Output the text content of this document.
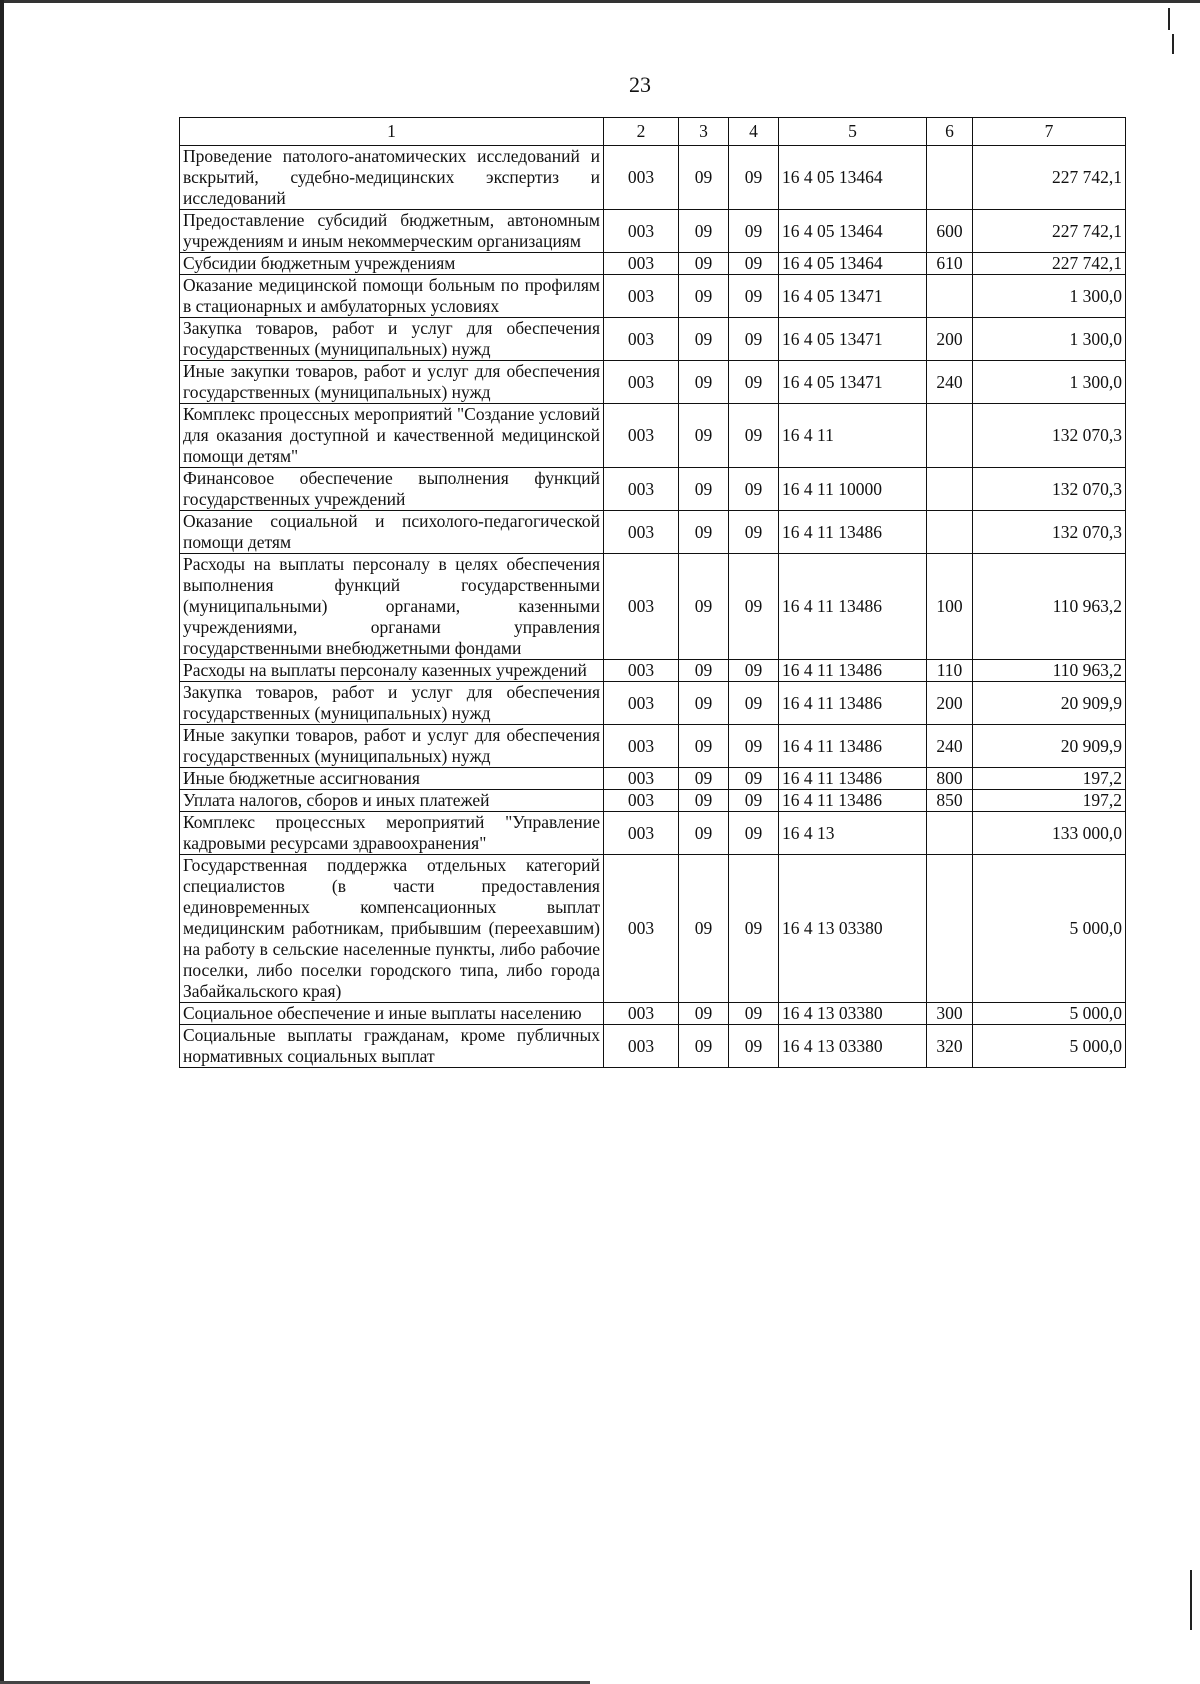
23
1	2	3	4	5	6	7
Проведение патолого-анатомических исследований и вскрытий, судебно-медицинских экспертиз и исследований	003	09	09	16 4 05 13464		227 742,1
Предоставление субсидий бюджетным, автономным учреждениям и иным некоммерческим организациям	003	09	09	16 4 05 13464	600	227 742,1
Субсидии бюджетным учреждениям	003	09	09	16 4 05 13464	610	227 742,1
Оказание медицинской помощи больным по профилям в стационарных и амбулаторных условиях	003	09	09	16 4 05 13471		1 300,0
Закупка товаров, работ и услуг для обеспечения государственных (муниципальных) нужд	003	09	09	16 4 05 13471	200	1 300,0
Иные закупки товаров, работ и услуг для обеспечения государственных (муниципальных) нужд	003	09	09	16 4 05 13471	240	1 300,0
Комплекс процессных мероприятий "Создание условий для оказания доступной и качественной медицинской помощи детям"	003	09	09	16 4 11		132 070,3
Финансовое обеспечение выполнения функций государственных учреждений	003	09	09	16 4 11 10000		132 070,3
Оказание социальной и психолого-педагогической помощи детям	003	09	09	16 4 11 13486		132 070,3
Расходы на выплаты персоналу в целях обеспечения выполнения функций государственными (муниципальными) органами, казенными учреждениями, органами управления государственными внебюджетными фондами	003	09	09	16 4 11 13486	100	110 963,2
Расходы на выплаты персоналу казенных учреждений	003	09	09	16 4 11 13486	110	110 963,2
Закупка товаров, работ и услуг для обеспечения государственных (муниципальных) нужд	003	09	09	16 4 11 13486	200	20 909,9
Иные закупки товаров, работ и услуг для обеспечения государственных (муниципальных) нужд	003	09	09	16 4 11 13486	240	20 909,9
Иные бюджетные ассигнования	003	09	09	16 4 11 13486	800	197,2
Уплата налогов, сборов и иных платежей	003	09	09	16 4 11 13486	850	197,2
Комплекс процессных мероприятий "Управление кадровыми ресурсами здравоохранения"	003	09	09	16 4 13		133 000,0
Государственная поддержка отдельных категорий специалистов (в части предоставления единовременных компенсационных выплат медицинским работникам, прибывшим (переехавшим) на работу в сельские населенные пункты, либо рабочие поселки, либо поселки городского типа, либо города Забайкальского края)	003	09	09	16 4 13 03380		5 000,0
Социальное обеспечение и иные выплаты населению	003	09	09	16 4 13 03380	300	5 000,0
Социальные выплаты гражданам, кроме публичных нормативных социальных выплат	003	09	09	16 4 13 03380	320	5 000,0
